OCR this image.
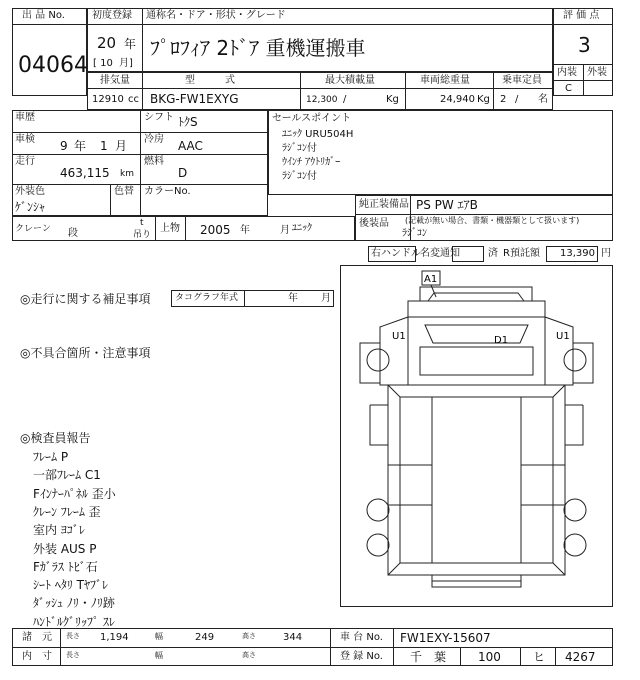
出 品 No.
04064
初度登録 通称名・ドア・形状・グレード
20 年
[ 10 月]
ﾌﾟﾛﾌｨｱ 2ﾄﾞｱ 重機運搬車
評 価 点
3
内装 外装
C
排気量	型　　　式	最大積載量	車両総重量	乗車定員
12910 cc BKG-FW1EXYG	12,300 /	Kg	24,940 Kg 2 / 名
車歴	シフト ﾄｸS
車検 9 年 1 月 冷房 AAC
走行
463,115 km
燃料
D
外装色
ｹﾞﾝｼｬ
色替 カラーNo.
セールスポイント
ﾕﾆｯｸ URU504H
ﾗｼﾞｺﾝ付
ｳｲﾝﾁ ｱｳﾄﾘｶﾞｰ
ﾗｼﾞｺﾝ付
純正装備品 PS PW ｴｱB
後装品 (記載が無い場合、書類・機器類として扱います)
ﾗｼﾞｺﾝ
クレーン 段
t
吊り
上物 2005 年	月 ﾕﾆｯｸ
右ハンドル 名変通知	済 R預託額 13,390 円
◎走行に関する補足事項	タコグラフ年式	年 月
◎不具合箇所・注意事項
◎検査員報告
ﾌﾚｰﾑ P
一部ﾌﾚｰﾑ C1
Fｲﾝﾅｰﾊﾟﾈﾙ 歪小
ｸﾚｰﾝ ﾌﾚｰﾑ 歪
室内 ﾖｺﾞﾚ
外装 AUS P
Fｶﾞﾗｽ ﾄﾋﾞ石
ｼｰﾄ ﾍﾀﾘ Tﾔﾌﾞﾚ
ﾀﾞｯｼｭ ﾉﾘ・ﾉﾘ跡
ﾊﾝﾄﾞﾙｸﾞﾘｯﾌﾟ ｽﾚ
A1
U1	D1	U1
諸　元 長さ 1,194	幅	249	高さ	344
内　寸 長さ	幅	高さ
車 台 No. FW1EXY-15607
登 録 No. 千　葉	100	ヒ 4267
